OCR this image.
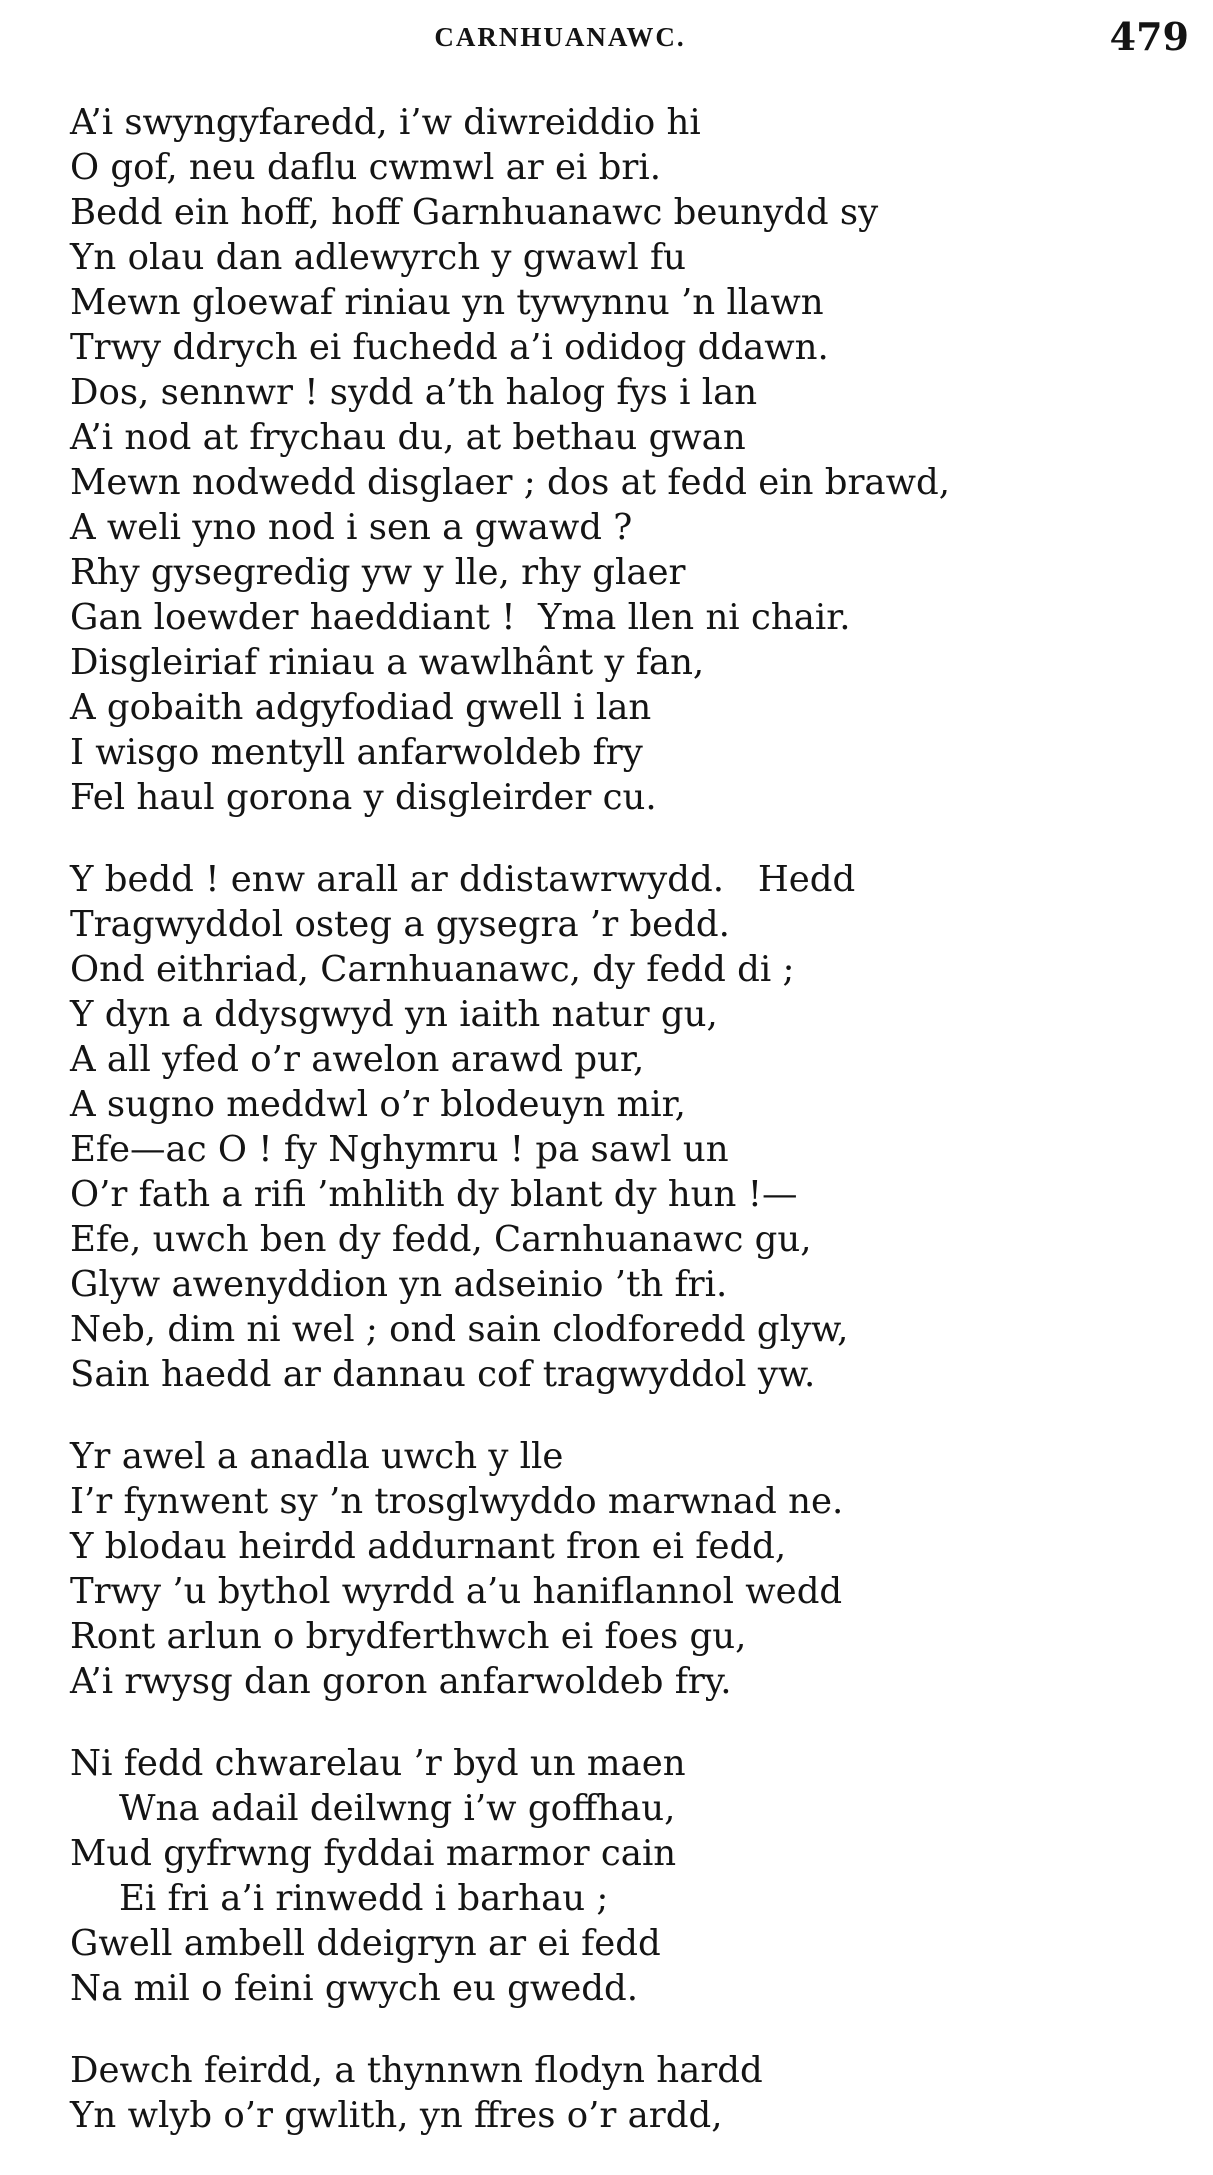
CARNHUANAWC.	479
A’i swyngyfaredd, i’w diwreiddio hi
O gof, neu daflu cwmwl ar ei bri.
Bedd ein hoff, hoff Garnhuanawc beunydd sy
Yn olau dan adlewyrch y gwawl fu
Mewn gloewaf riniau yn tywynnu ’n llawn
Trwy ddrych ei fuchedd a’i odidog ddawn.
Dos, sennwr ! sydd a’th halog fys i lan
A’i nod at frychau du, at bethau gwan
Mewn nodwedd disglaer ; dos at fedd ein brawd,
A weli yno nod i sen a gwawd ?
Rhy gysegredig yw y lle, rhy glaer
Gan loewder haeddiant !  Yma llen ni chair.
Disgleiriaf riniau a wawlhânt y fan,
A gobaith adgyfodiad gwell i lan
I wisgo mentyll anfarwoldeb fry
Fel haul gorona y disgleirder cu.
Y bedd ! enw arall ar ddistawrwydd.   Hedd
Tragwyddol osteg a gysegra ’r bedd.
Ond eithriad, Carnhuanawc, dy fedd di ;
Y dyn a ddysgwyd yn iaith natur gu,
A all yfed o’r awelon arawd pur,
A sugno meddwl o’r blodeuyn mir,
Efe—ac O ! fy Nghymru ! pa sawl un
O’r fath a rifi ’mhlith dy blant dy hun !—
Efe, uwch ben dy fedd, Carnhuanawc gu,
Glyw awenyddion yn adseinio ’th fri.
Neb, dim ni wel ; ond sain clodforedd glyw,
Sain haedd ar dannau cof tragwyddol yw.
Yr awel a anadla uwch y lle
I’r fynwent sy ’n trosglwyddo marwnad ne.
Y blodau heirdd addurnant fron ei fedd,
Trwy ’u bythol wyrdd a’u haniflannol wedd
Ront arlun o brydferthwch ei foes gu,
A’i rwysg dan goron anfarwoldeb fry.
Ni fedd chwarelau ’r byd un maen
Wna adail deilwng i’w goffhau,
Mud gyfrwng fyddai marmor cain
Ei fri a’i rinwedd i barhau ;
Gwell ambell ddeigryn ar ei fedd
Na mil o feini gwych eu gwedd.
Dewch feirdd, a thynnwn flodyn hardd
Yn wlyb o’r gwlith, yn ffres o’r ardd,
